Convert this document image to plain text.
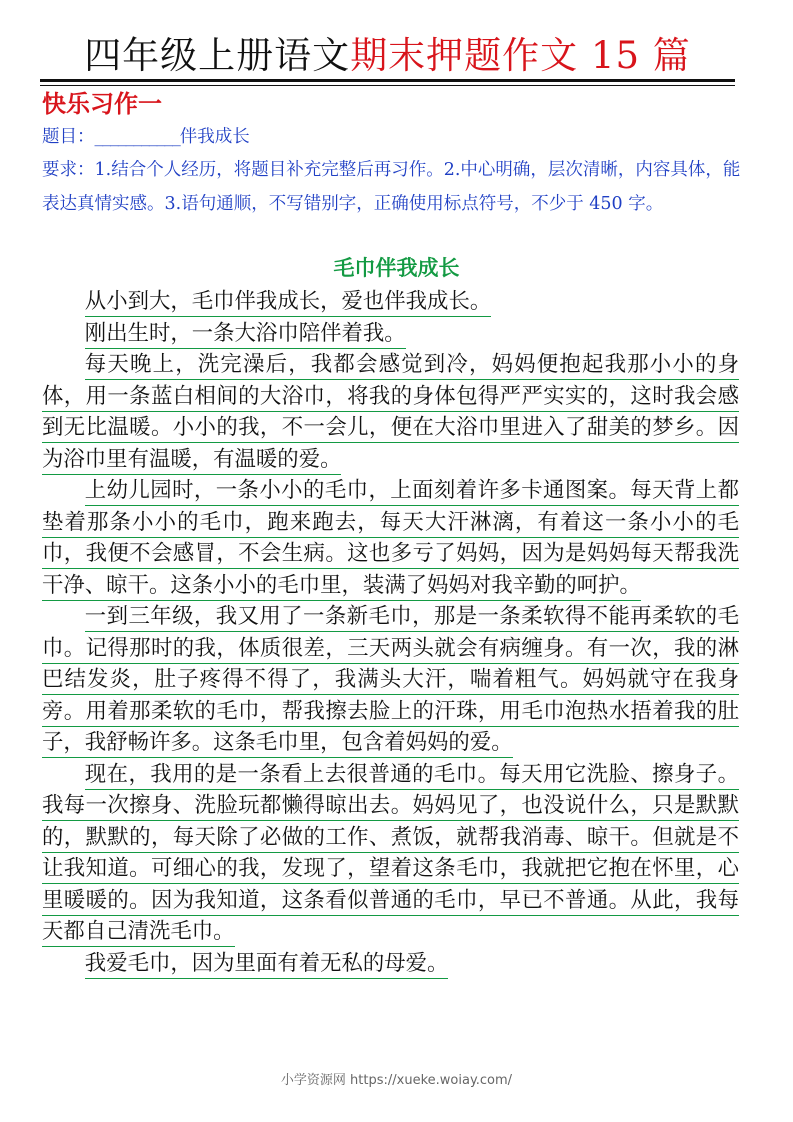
四年级上册语文期末押题作文 15 篇
快乐习作一

题目：___________伴我成长

要求：1.结合个人经历，将题目补充完整后再习作。2.中心明确，层次清晰，内容具体，能表达真情实感。3.语句通顺，不写错别字，正确使用标点符号，不少于 450 字。

毛巾伴我成长

从小到大，毛巾伴我成长，爱也伴我成长。

刚出生时，一条大浴巾陪伴着我。

每天晚上，洗完澡后，我都会感觉到冷，妈妈便抱起我那小小的身体，用一条蓝白相间的大浴巾，将我的身体包得严严实实的，这时我会感到无比温暖。小小的我，不一会儿，便在大浴巾里进入了甜美的梦乡。因为浴巾里有温暖，有温暖的爱。

上幼儿园时，一条小小的毛巾，上面刻着许多卡通图案。每天背上都垫着那条小小的毛巾，跑来跑去，每天大汗淋漓，有着这一条小小的毛巾，我便不会感冒，不会生病。这也多亏了妈妈，因为是妈妈每天帮我洗干净、晾干。这条小小的毛巾里，装满了妈妈对我辛勤的呵护。

一到三年级，我又用了一条新毛巾，那是一条柔软得不能再柔软的毛巾。记得那时的我，体质很差，三天两头就会有病缠身。有一次，我的淋巴结发炎，肚子疼得不得了，我满头大汗，喘着粗气。妈妈就守在我身旁。用着那柔软的毛巾，帮我擦去脸上的汗珠，用毛巾泡热水捂着我的肚子，我舒畅许多。这条毛巾里，包含着妈妈的爱。

现在，我用的是一条看上去很普通的毛巾。每天用它洗脸、擦身子。我每一次擦身、洗脸玩都懒得晾出去。妈妈见了，也没说什么，只是默默的，默默的，每天除了必做的工作、煮饭，就帮我消毒、晾干。但就是不让我知道。可细心的我，发现了，望着这条毛巾，我就把它抱在怀里，心里暖暖的。因为我知道，这条看似普通的毛巾，早已不普通。从此，我每天都自己清洗毛巾。

我爱毛巾，因为里面有着无私的母爱。

小学资源网 https://xueke.woiay.com/
